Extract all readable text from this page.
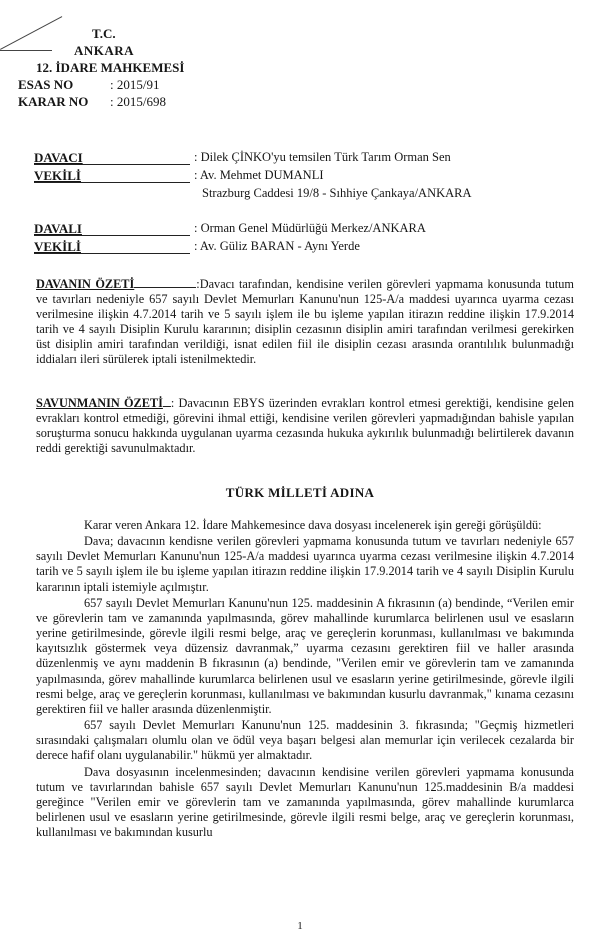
T.C.
ANKARA
12. İDARE MAHKEMESİ
ESAS NO	: 2015/91
KARAR NO : 2015/698
DAVACI	: Dilek ÇİNKO'yu temsilen Türk Tarım Orman Sen
VEKİLİ	: Av. Mehmet DUMANLI
Strazburg Caddesi 19/8 - Sıhhiye Çankaya/ANKARA
DAVALI	: Orman Genel Müdürlüğü Merkez/ANKARA
VEKİLİ	: Av. Güliz BARAN - Aynı Yerde

DAVANIN ÖZETİ	:Davacı tarafından, kendisine verilen görevleri yapmama konusunda tutum ve tavırları nedeniyle 657 sayılı Devlet Memurları Kanunu'nun 125-A/a maddesi uyarınca uyarma cezası verilmesine ilişkin 4.7.2014 tarih ve 5 sayılı işlem ile bu işleme yapılan itirazın reddine ilişkin 17.9.2014 tarih ve 4 sayılı Disiplin Kurulu kararının; disiplin cezasının disiplin amiri tarafından verilmesi gerekirken üst disiplin amiri tarafından verildiği, isnat edilen fiil ile disiplin cezası arasında orantılılık bulunmadığı iddiaları ileri sürülerek iptali istenilmektedir.

SAVUNMANIN ÖZETİ : Davacının EBYS üzerinden evrakları kontrol etmesi gerektiği, kendisine gelen evrakları kontrol etmediği, görevini ihmal ettiği, kendisine verilen görevleri yapmadığından bahisle yapılan soruşturma sonucu hakkında uygulanan uyarma cezasında hukuka aykırılık bulunmadığı belirtilerek davanın reddi gerektiği savunulmaktadır.

TÜRK MİLLETİ ADINA

Karar veren Ankara 12. İdare Mahkemesince dava dosyası incelenerek işin gereği görüşüldü:

Dava; davacının kendisne verilen görevleri yapmama konusunda tutum ve tavırları nedeniyle 657 sayılı Devlet Memurları Kanunu'nun 125-A/a maddesi uyarınca uyarma cezası verilmesine ilişkin 4.7.2014 tarih ve 5 sayılı işlem ile bu işleme yapılan itirazın reddine ilişkin 17.9.2014 tarih ve 4 sayılı Disiplin Kurulu kararının iptali istemiyle açılmıştır.

657 sayılı Devlet Memurları Kanunu'nun 125. maddesinin A fıkrasının (a) bendinde, “Verilen emir ve görevlerin tam ve zamanında yapılmasında, görev mahallinde kurumlarca belirlenen usul ve esasların yerine getirilmesinde, görevle ilgili resmi belge, araç ve gereçlerin korunması, kullanılması ve bakımında kayıtsızlık göstermek veya düzensiz davranmak,” uyarma cezasını gerektiren fiil ve haller arasında düzenlenmiş ve aynı maddenin B fıkrasının (a) bendinde, "Verilen emir ve görevlerin tam ve zamanında yapılmasında, görev mahallinde kurumlarca belirlenen usul ve esasların yerine getirilmesinde, görevle ilgili resmi belge, araç ve gereçlerin korunması, kullanılması ve bakımından kusurlu davranmak," kınama cezasını gerektiren fiil ve haller arasında düzenlenmiştir.

657 sayılı Devlet Memurları Kanunu'nun 125. maddesinin 3. fıkrasında; "Geçmiş hizmetleri sırasındaki çalışmaları olumlu olan ve ödül veya başarı belgesi alan memurlar için verilecek cezalarda bir derece hafif olanı uygulanabilir." hükmü yer almaktadır.

Dava dosyasının incelenmesinden; davacının kendisine verilen görevleri yapmama konusunda tutum ve tavırlarından bahisle 657 sayılı Devlet Memurları Kanunu'nun 125.maddesinin B/a maddesi gereğince "Verilen emir ve görevlerin tam ve zamanında yapılmasında, görev mahallinde kurumlarca belirlenen usul ve esasların yerine getirilmesinde, görevle ilgili resmi belge, araç ve gereçlerin korunması, kullanılması ve bakımından kusurlu

1
